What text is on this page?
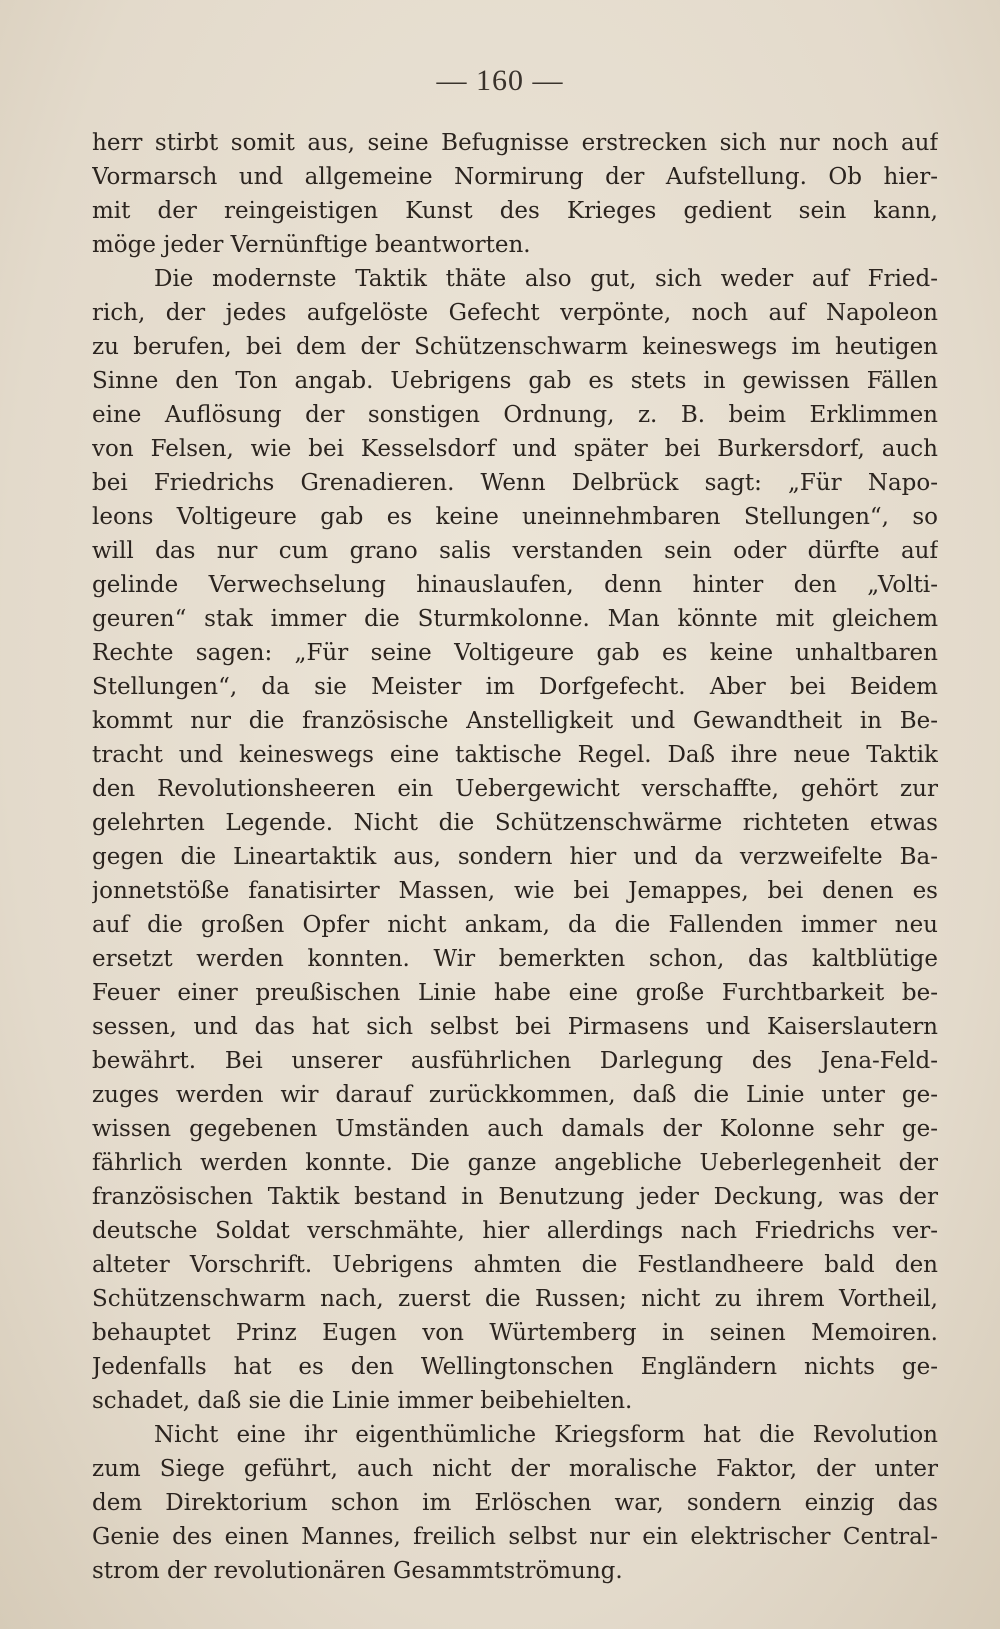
— 160 —
herr stirbt somit aus, seine Befugnisse erstrecken sich nur noch auf
Vormarsch und allgemeine Normirung der Aufstellung. Ob hier-
mit der reingeistigen Kunst des Krieges gedient sein kann,
möge jeder Vernünftige beantworten.
Die modernste Taktik thäte also gut, sich weder auf Fried-
rich, der jedes aufgelöste Gefecht verpönte, noch auf Napoleon
zu berufen, bei dem der Schützenschwarm keineswegs im heutigen
Sinne den Ton angab. Uebrigens gab es stets in gewissen Fällen
eine Auflösung der sonstigen Ordnung, z. B. beim Erklimmen
von Felsen, wie bei Kesselsdorf und später bei Burkersdorf, auch
bei Friedrichs Grenadieren. Wenn Delbrück sagt: „Für Napo-
leons Voltigeure gab es keine uneinnehmbaren Stellungen“, so
will das nur cum grano salis verstanden sein oder dürfte auf
gelinde Verwechselung hinauslaufen, denn hinter den „Volti-
geuren“ stak immer die Sturmkolonne. Man könnte mit gleichem
Rechte sagen: „Für seine Voltigeure gab es keine unhaltbaren
Stellungen“, da sie Meister im Dorfgefecht. Aber bei Beidem
kommt nur die französische Anstelligkeit und Gewandtheit in Be-
tracht und keineswegs eine taktische Regel. Daß ihre neue Taktik
den Revolutionsheeren ein Uebergewicht verschaffte, gehört zur
gelehrten Legende. Nicht die Schützenschwärme richteten etwas
gegen die Lineartaktik aus, sondern hier und da verzweifelte Ba-
jonnetstöße fanatisirter Massen, wie bei Jemappes, bei denen es
auf die großen Opfer nicht ankam, da die Fallenden immer neu
ersetzt werden konnten. Wir bemerkten schon, das kaltblütige
Feuer einer preußischen Linie habe eine große Furchtbarkeit be-
sessen, und das hat sich selbst bei Pirmasens und Kaiserslautern
bewährt. Bei unserer ausführlichen Darlegung des Jena-Feld-
zuges werden wir darauf zurückkommen, daß die Linie unter ge-
wissen gegebenen Umständen auch damals der Kolonne sehr ge-
fährlich werden konnte. Die ganze angebliche Ueberlegenheit der
französischen Taktik bestand in Benutzung jeder Deckung, was der
deutsche Soldat verschmähte, hier allerdings nach Friedrichs ver-
alteter Vorschrift. Uebrigens ahmten die Festlandheere bald den
Schützenschwarm nach, zuerst die Russen; nicht zu ihrem Vortheil,
behauptet Prinz Eugen von Würtemberg in seinen Memoiren.
Jedenfalls hat es den Wellingtonschen Engländern nichts ge-
schadet, daß sie die Linie immer beibehielten.
Nicht eine ihr eigenthümliche Kriegsform hat die Revolution
zum Siege geführt, auch nicht der moralische Faktor, der unter
dem Direktorium schon im Erlöschen war, sondern einzig das
Genie des einen Mannes, freilich selbst nur ein elektrischer Central-
strom der revolutionären Gesammtströmung.
